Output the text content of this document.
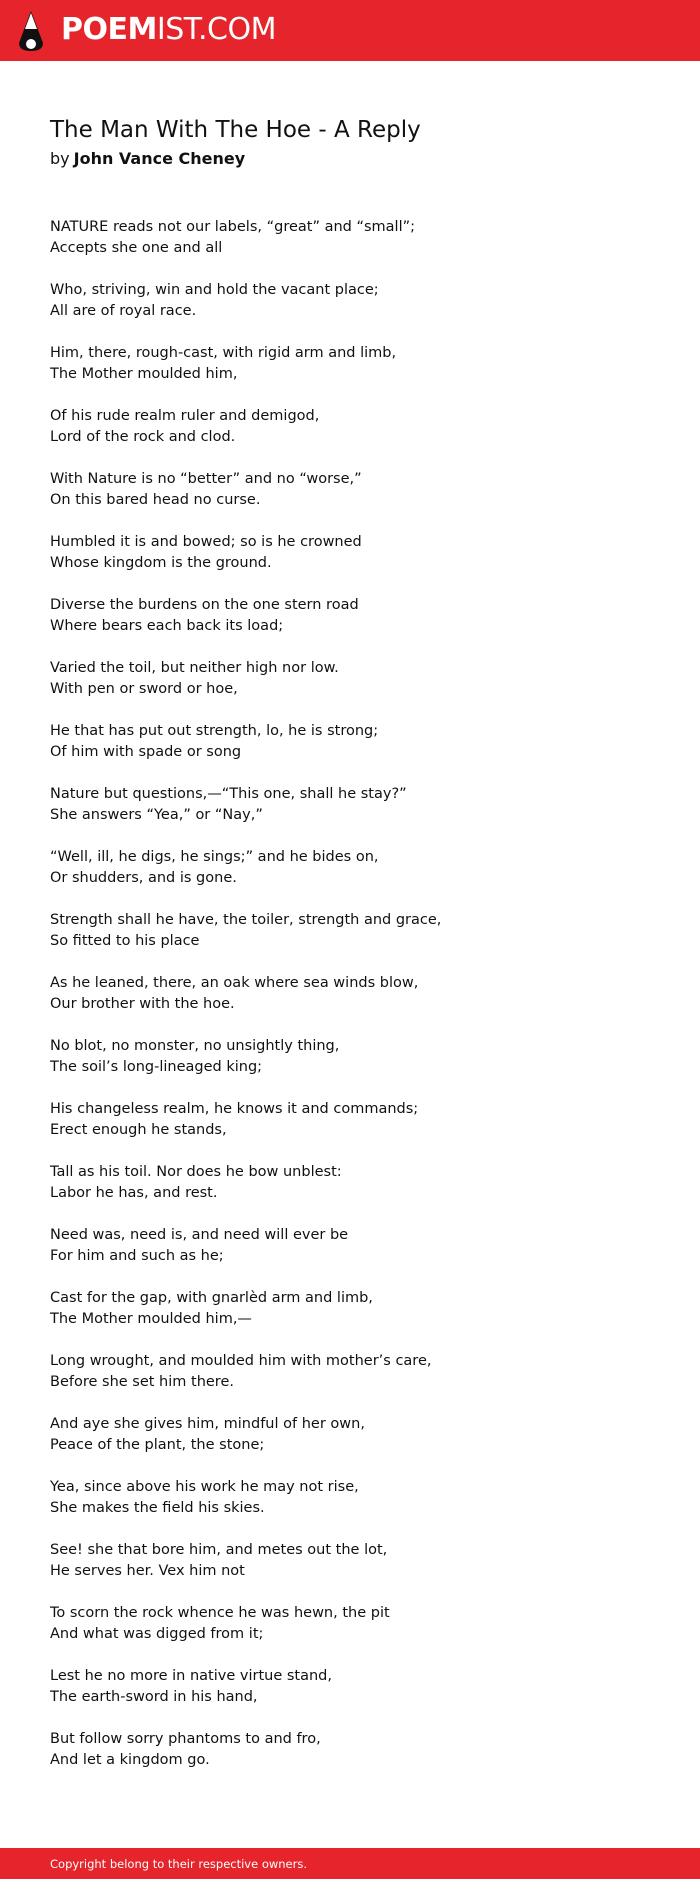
POEMIST.COM
The Man With The Hoe - A Reply
by John Vance Cheney
NATURE reads not our labels, “great” and “small”;
Accepts she one and all
Who, striving, win and hold the vacant place;
All are of royal race.
Him, there, rough-cast, with rigid arm and limb,
The Mother moulded him,
Of his rude realm ruler and demigod,
Lord of the rock and clod.
With Nature is no “better” and no “worse,”
On this bared head no curse.
Humbled it is and bowed; so is he crowned
Whose kingdom is the ground.
Diverse the burdens on the one stern road
Where bears each back its load;
Varied the toil, but neither high nor low.
With pen or sword or hoe,
He that has put out strength, lo, he is strong;
Of him with spade or song
Nature but questions,—“This one, shall he stay?”
She answers “Yea,” or “Nay,”
“Well, ill, he digs, he sings;” and he bides on,
Or shudders, and is gone.
Strength shall he have, the toiler, strength and grace,
So fitted to his place
As he leaned, there, an oak where sea winds blow,
Our brother with the hoe.
No blot, no monster, no unsightly thing,
The soil’s long-lineaged king;
His changeless realm, he knows it and commands;
Erect enough he stands,
Tall as his toil. Nor does he bow unblest:
Labor he has, and rest.
Need was, need is, and need will ever be
For him and such as he;
Cast for the gap, with gnarlèd arm and limb,
The Mother moulded him,—
Long wrought, and moulded him with mother’s care,
Before she set him there.
And aye she gives him, mindful of her own,
Peace of the plant, the stone;
Yea, since above his work he may not rise,
She makes the field his skies.
See! she that bore him, and metes out the lot,
He serves her. Vex him not
To scorn the rock whence he was hewn, the pit
And what was digged from it;
Lest he no more in native virtue stand,
The earth-sword in his hand,
But follow sorry phantoms to and fro,
And let a kingdom go.
Copyright belong to their respective owners.
